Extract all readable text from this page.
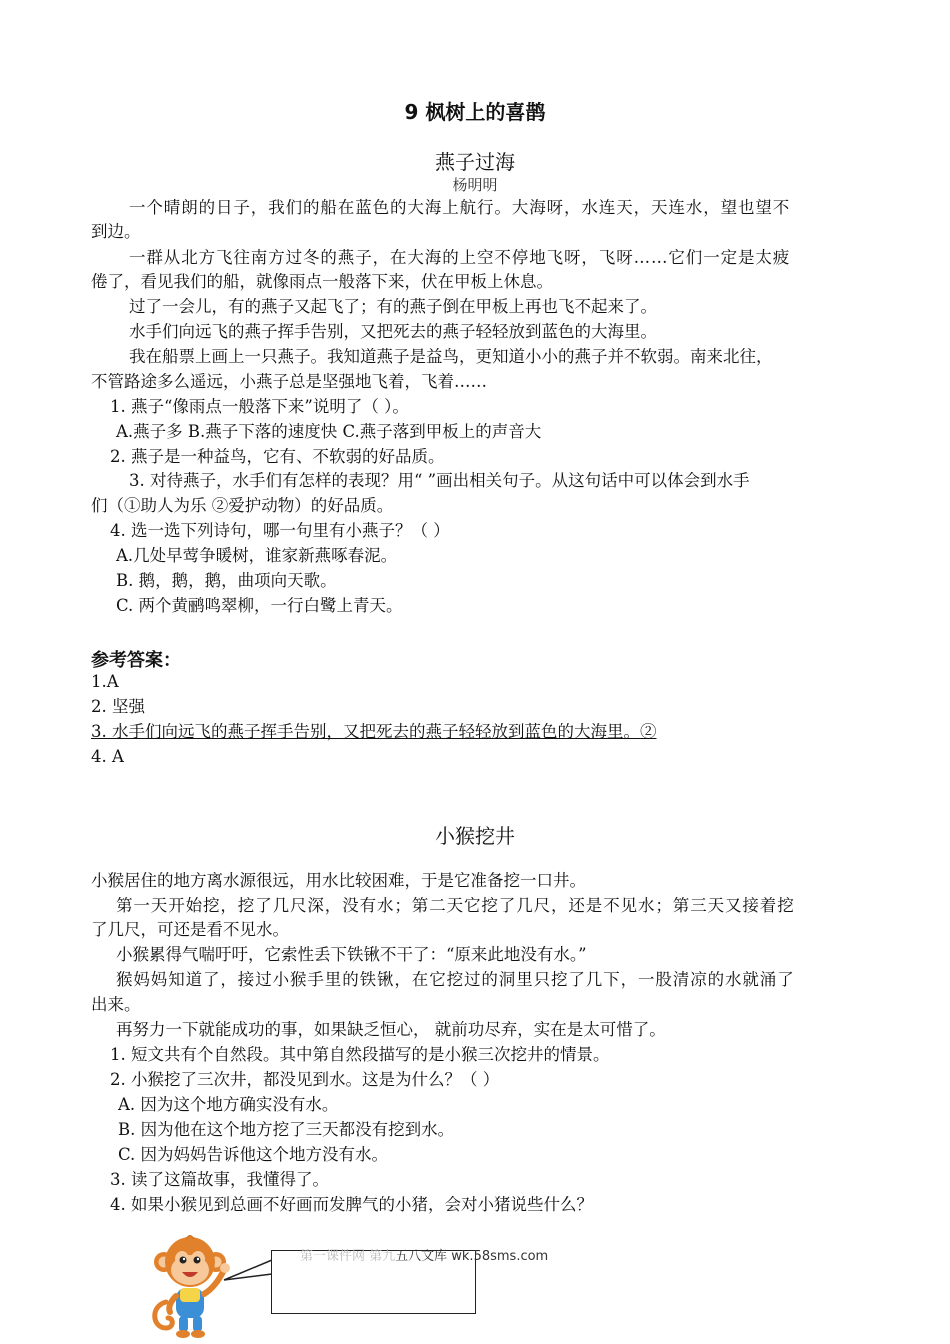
9 枫树上的喜鹊
燕子过海
杨明明
一个晴朗的日子，我们的船在蓝色的大海上航行。大海呀，水连天，天连水，望也望不
到边。
一群从北方飞往南方过冬的燕子，在大海的上空不停地飞呀，飞呀……它们一定是太疲
倦了，看见我们的船，就像雨点一般落下来，伏在甲板上休息。
过了一会儿，有的燕子又起飞了；有的燕子倒在甲板上再也飞不起来了。
水手们向远飞的燕子挥手告别，又把死去的燕子轻轻放到蓝色的大海里。
我在船票上画上一只燕子。我知道燕子是益鸟，更知道小小的燕子并不软弱。南来北往，
不管路途多么遥远，小燕子总是坚强地飞着，飞着……
1. 燕子“像雨点一般落下来”说明了（ ）。
A.燕子多 B.燕子下落的速度快 C.燕子落到甲板上的声音大
2. 燕子是一种益鸟，它有、不软弱的好品质。
3. 对待燕子，水手们有怎样的表现？用“ ”画出相关句子。从这句话中可以体会到水手
们（①助人为乐 ②爱护动物）的好品质。
4. 选一选下列诗句，哪一句里有小燕子？（ ）
A.几处早莺争暖树，谁家新燕啄春泥。
B. 鹅，鹅，鹅，曲项向天歌。
C. 两个黄鹂鸣翠柳，一行白鹭上青天。
参考答案：
1.A
2. 坚强
3. 水手们向远飞的燕子挥手告别，又把死去的燕子轻轻放到蓝色的大海里。②
4. A
小猴挖井
小猴居住的地方离水源很远，用水比较困难，于是它准备挖一口井。
第一天开始挖，挖了几尺深，没有水；第二天它挖了几尺，还是不见水；第三天又接着挖
了几尺，可还是看不见水。
小猴累得气喘吁吁，它索性丢下铁锹不干了：“原来此地没有水。”
猴妈妈知道了，接过小猴手里的铁锹，在它挖过的洞里只挖了几下，一股清凉的水就涌了
出来。
再努力一下就能成功的事，如果缺乏恒心， 就前功尽弃，实在是太可惜了。
1. 短文共有个自然段。其中第自然段描写的是小猴三次挖井的情景。
2. 小猴挖了三次井，都没见到水。这是为什么？（ ）
A. 因为这个地方确实没有水。
B. 因为他在这个地方挖了三天都没有挖到水。
C. 因为妈妈告诉他这个地方没有水。
3. 读了这篇故事，我懂得了。
4. 如果小猴见到总画不好画而发脾气的小猪，会对小猪说些什么？
第一课件网 第九五八文库 wk.58sms.com
